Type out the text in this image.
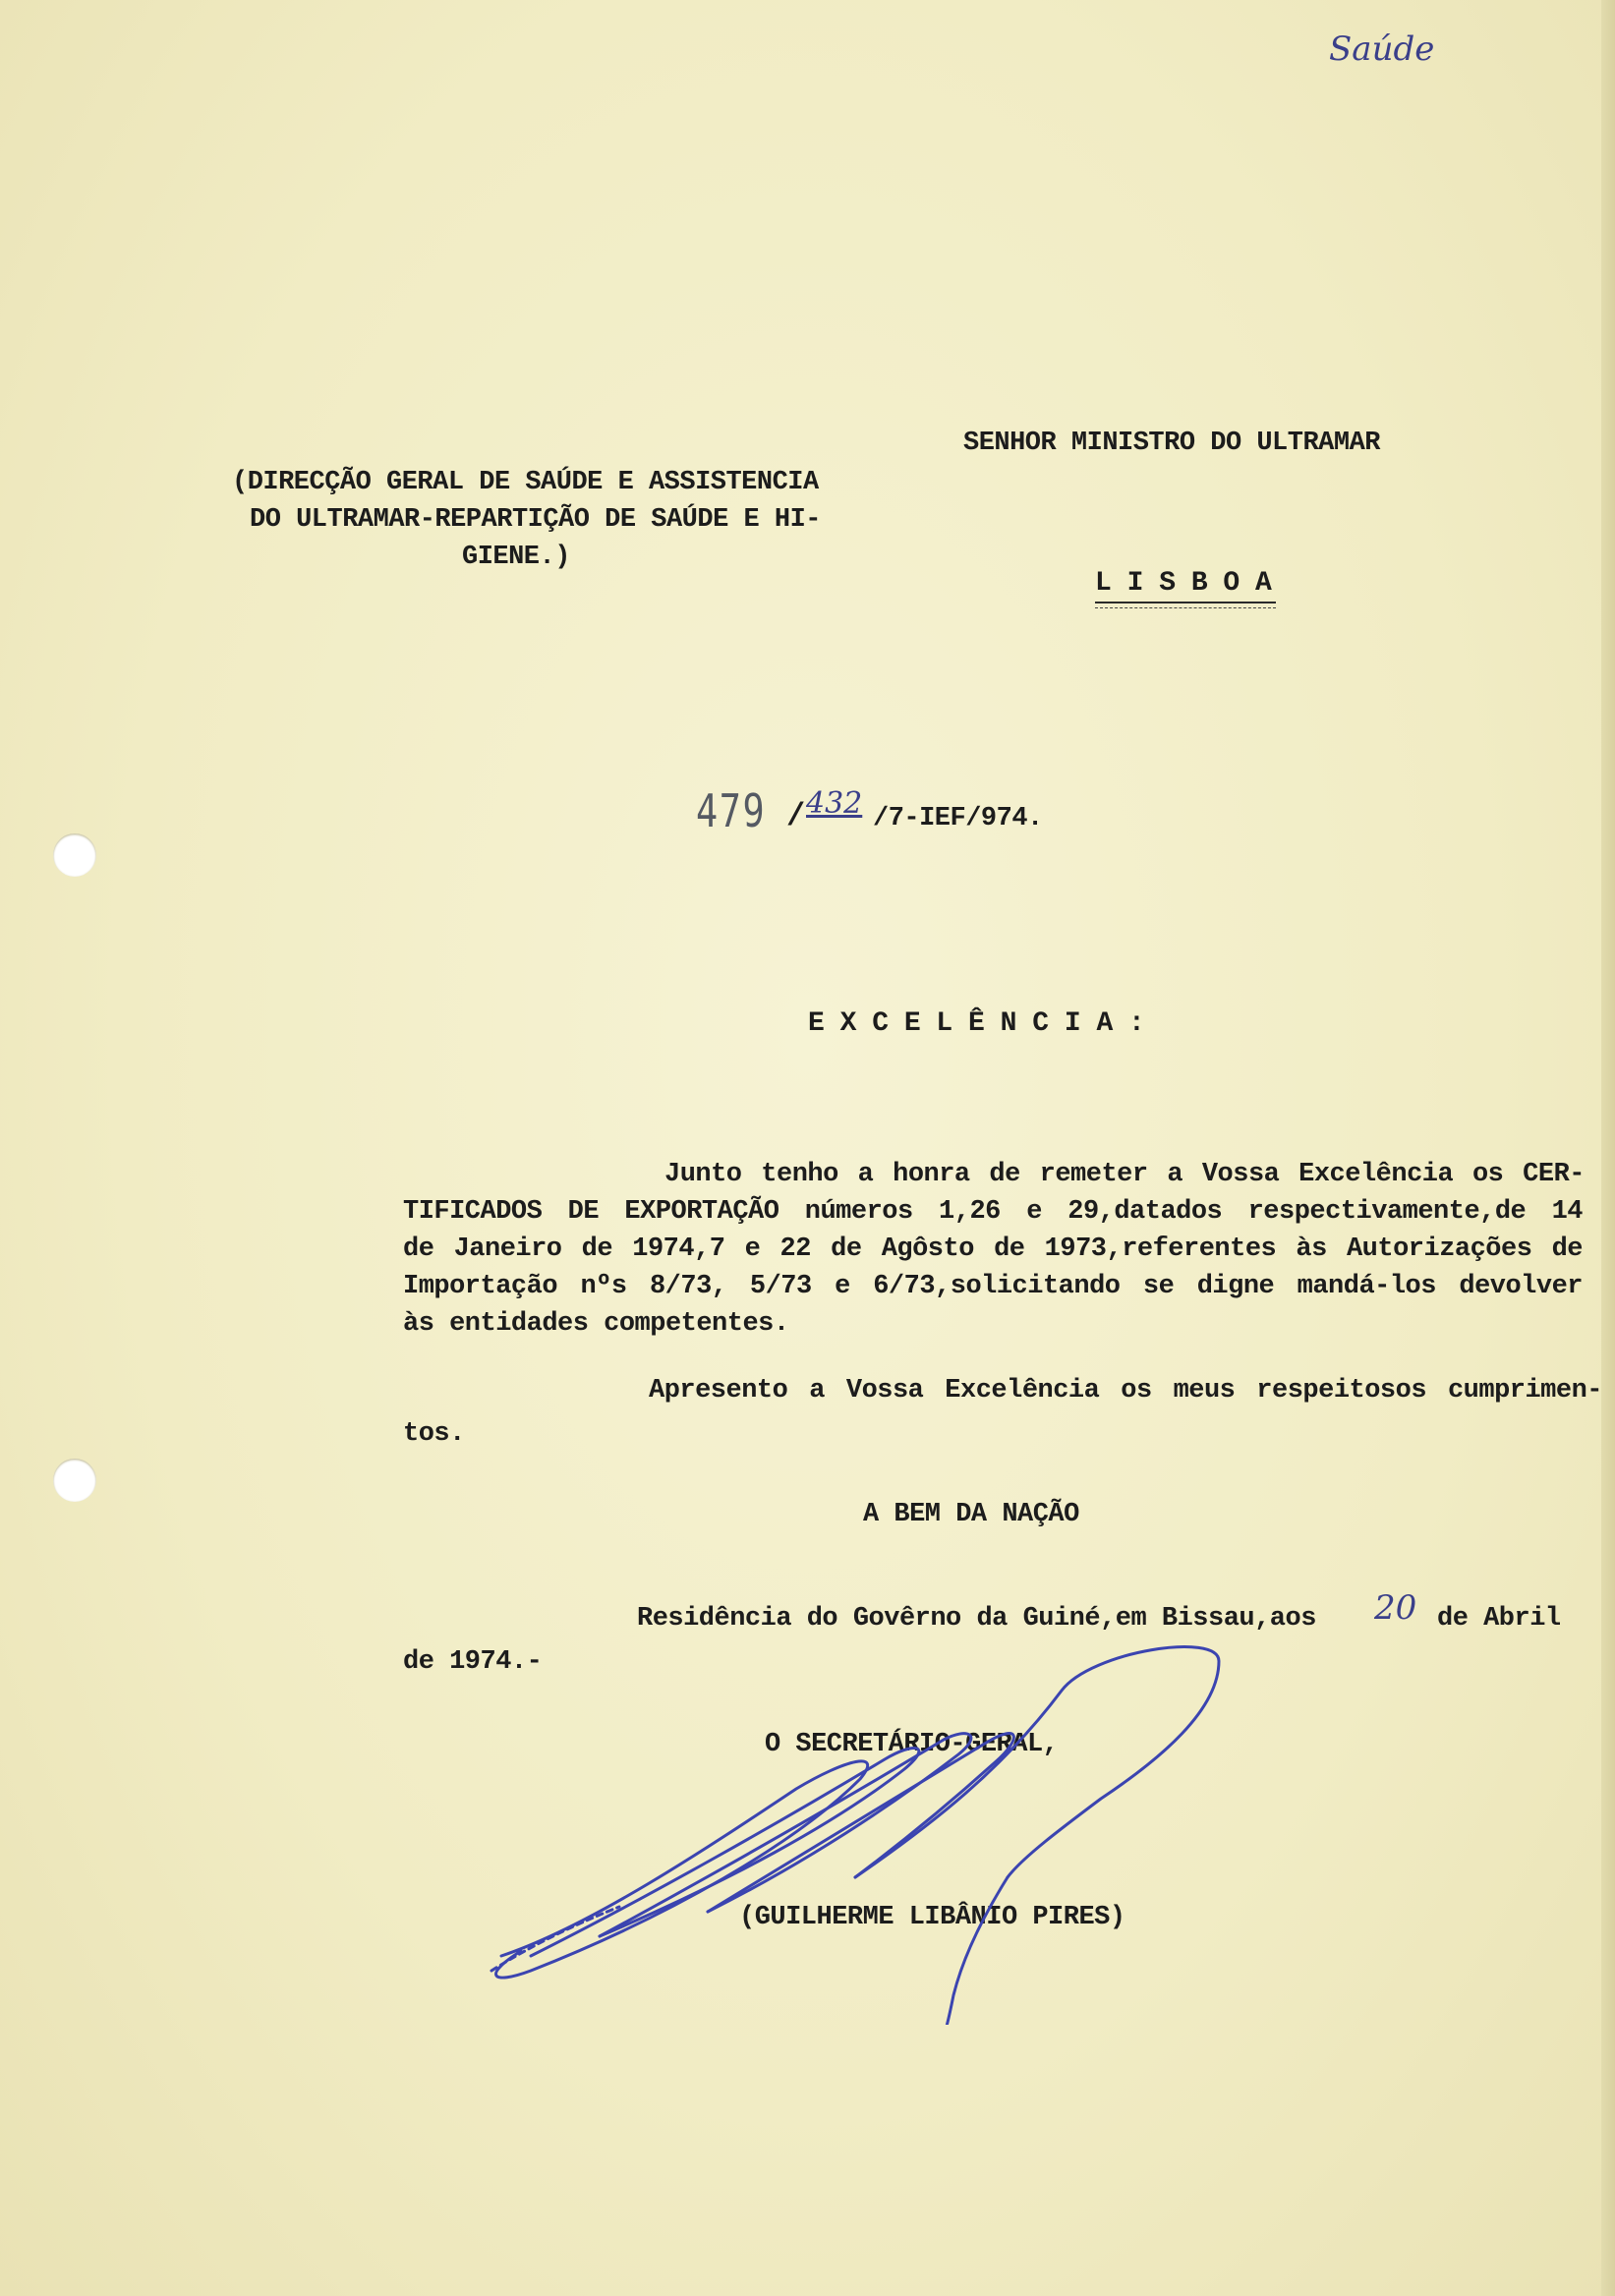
Saúde
SENHOR MINISTRO DO ULTRAMAR
L I S B O A
(DIRECÇÃO GERAL DE SAÚDE E ASSISTENCIA
DO ULTRAMAR-REPARTIÇÃO DE SAÚDE E HI-
GIENE.)
479 / 432 /7-IEF/974.
E X C E L Ê N C I A :
Junto tenho a honra de remeter a Vossa Excelência os CER-
TIFICADOS DE EXPORTAÇÃO números 1,26 e 29,datados respectivamente,de 14
de Janeiro de 1974,7 e 22 de Agôsto de 1973,referentes às Autorizações de
Importação nºs 8/73, 5/73 e 6/73,solicitando se digne mandá-los devolver
às entidades competentes.
Apresento a Vossa Excelência os meus respeitosos cumprimen-
tos.
A BEM DA NAÇÃO
Residência do Govêrno da Guiné,em Bissau,aos 20 de Abril
de 1974.-
O SECRETÁRIO-GERAL,
(GUILHERME LIBÂNIO PIRES)
